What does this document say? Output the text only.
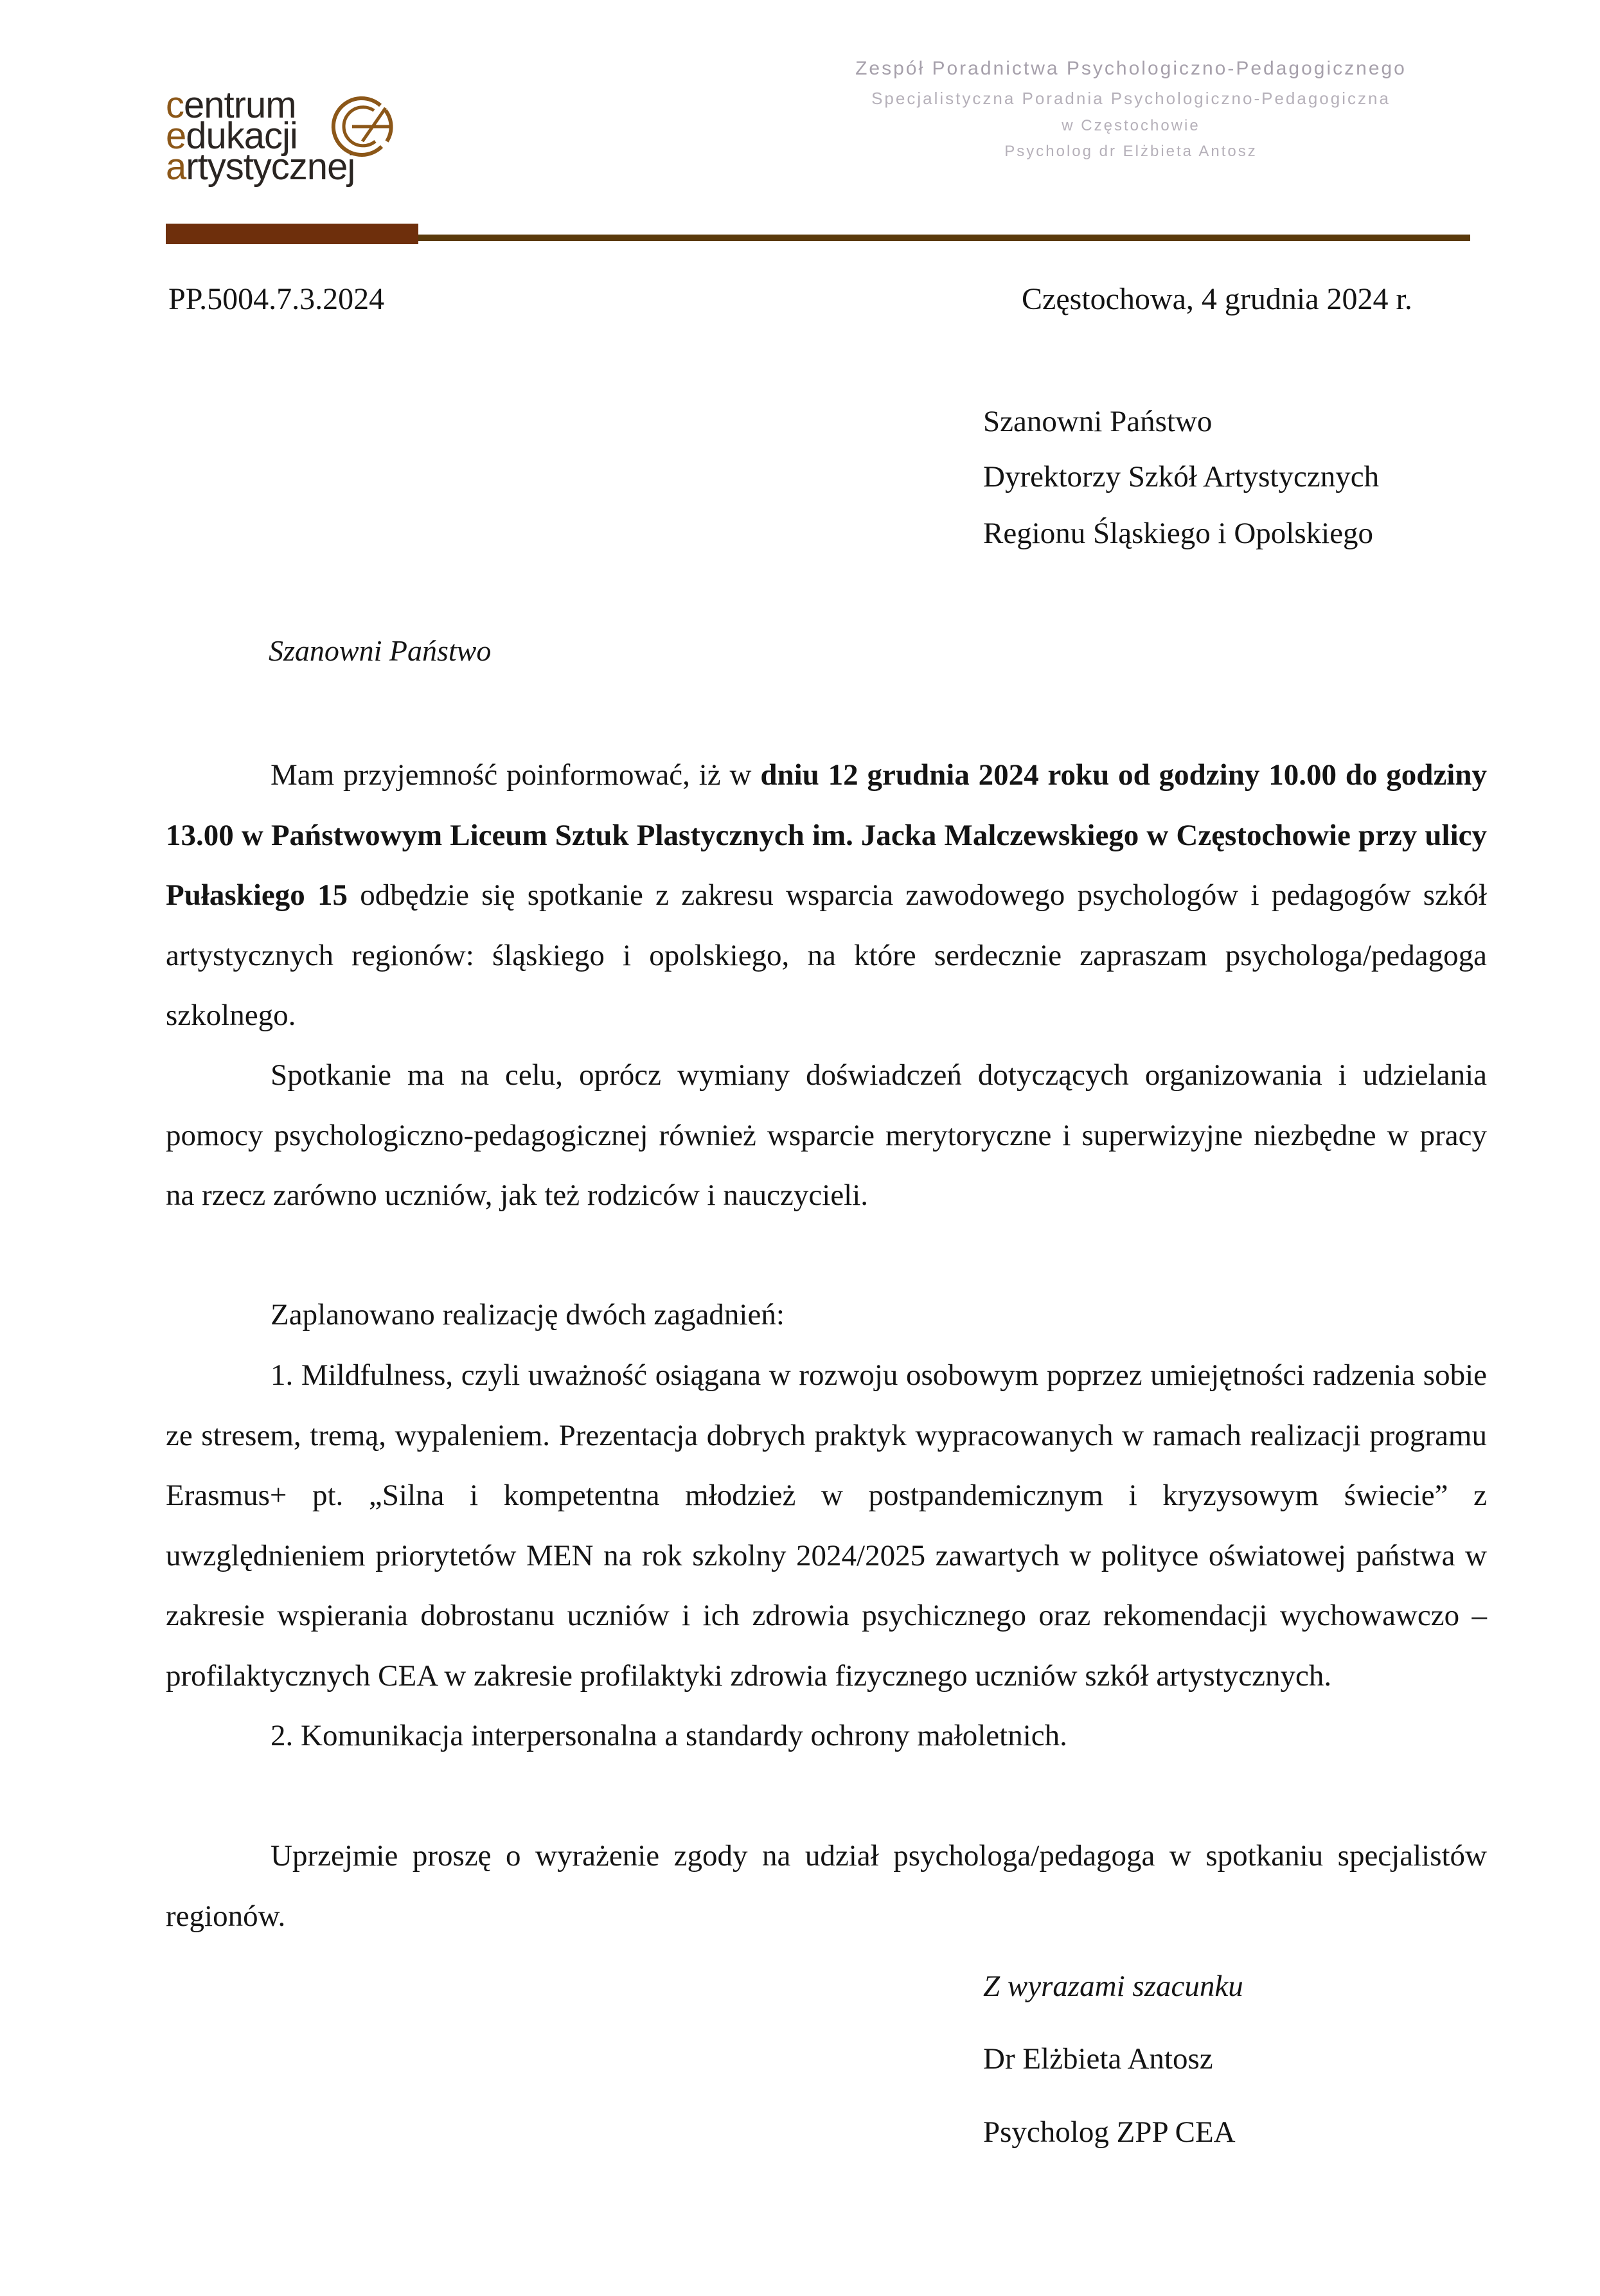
centrum
edukacji
artystycznej
Zespół Poradnictwa Psychologiczno-Pedagogicznego
Specjalistyczna Poradnia Psychologiczno-Pedagogiczna
w Częstochowie
Psycholog dr Elżbieta Antosz
PP.5004.7.3.2024	Częstochowa, 4 grudnia 2024 r.
Szanowni Państwo
Dyrektorzy Szkół Artystycznych
Regionu Śląskiego i Opolskiego
Szanowni Państwo
Mam przyjemność poinformować, iż w dniu 12 grudnia 2024 roku od godziny 10.00 do godziny 13.00 w Państwowym Liceum Sztuk Plastycznych im. Jacka Malczewskiego w Częstochowie przy ulicy Pułaskiego 15 odbędzie się spotkanie z zakresu wsparcia zawodowego psychologów i pedagogów szkół artystycznych regionów: śląskiego i opolskiego, na które serdecznie zapraszam psychologa/pedagoga szkolnego.
Spotkanie ma na celu, oprócz wymiany doświadczeń dotyczących organizowania i udzielania pomocy psychologiczno-pedagogicznej również wsparcie merytoryczne i superwizyjne niezbędne w pracy na rzecz zarówno uczniów, jak też rodziców i nauczycieli.
Zaplanowano realizację dwóch zagadnień:
1. Mildfulness, czyli uważność osiągana w rozwoju osobowym poprzez umiejętności radzenia sobie ze stresem, tremą, wypaleniem. Prezentacja dobrych praktyk wypracowanych w ramach realizacji programu Erasmus+ pt. „Silna i kompetentna młodzież w postpandemicznym i kryzysowym świecie” z uwzględnieniem priorytetów MEN na rok szkolny 2024/2025 zawartych w polityce oświatowej państwa w zakresie wspierania dobrostanu uczniów i ich zdrowia psychicznego oraz rekomendacji wychowawczo – profilaktycznych CEA w zakresie profilaktyki zdrowia fizycznego uczniów szkół artystycznych.
2. Komunikacja interpersonalna a standardy ochrony małoletnich.
Uprzejmie proszę o wyrażenie zgody na udział psychologa/pedagoga w spotkaniu specjalistów regionów.
Z wyrazami szacunku
Dr Elżbieta Antosz
Psycholog ZPP CEA
